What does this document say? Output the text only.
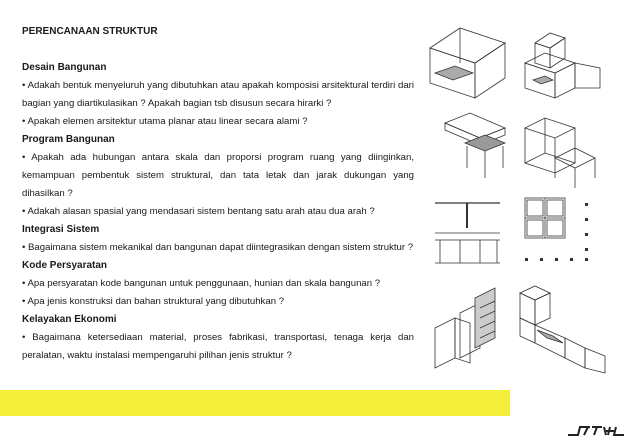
PERENCANAAN STRUKTUR
Desain Bangunan
• Adakah bentuk menyeluruh yang dibutuhkan atau apakah komposisi arsitektural terdiri dari bagian yang diartikulasikan ? Apakah bagian tsb disusun secara hirarki ?
• Apakah elemen arsitektur utama planar atau linear secara alami ?
Program Bangunan
• Apakah ada hubungan antara skala dan proporsi program ruang yang diinginkan, kemampuan pembentuk sistem struktural, dan tata letak dan jarak dukungan yang dihasilkan ?
• Adakah alasan spasial yang mendasari sistem bentang satu arah atau dua arah ?
Integrasi Sistem
• Bagaimana sistem mekanikal dan bangunan dapat diintegrasikan dengan sistem struktur ?
Kode Persyaratan
• Apa persyaratan kode bangunan untuk penggunaan, hunian dan skala bangunan ?
• Apa jenis konstruksi dan bahan struktural yang dibutuhkan ?
Kelayakan Ekonomi
• Bagaimana ketersediaan material, proses fabrikasi, transportasi, tenaga kerja dan peralatan, waktu instalasi mempengaruhi pilihan jenis struktur ?
